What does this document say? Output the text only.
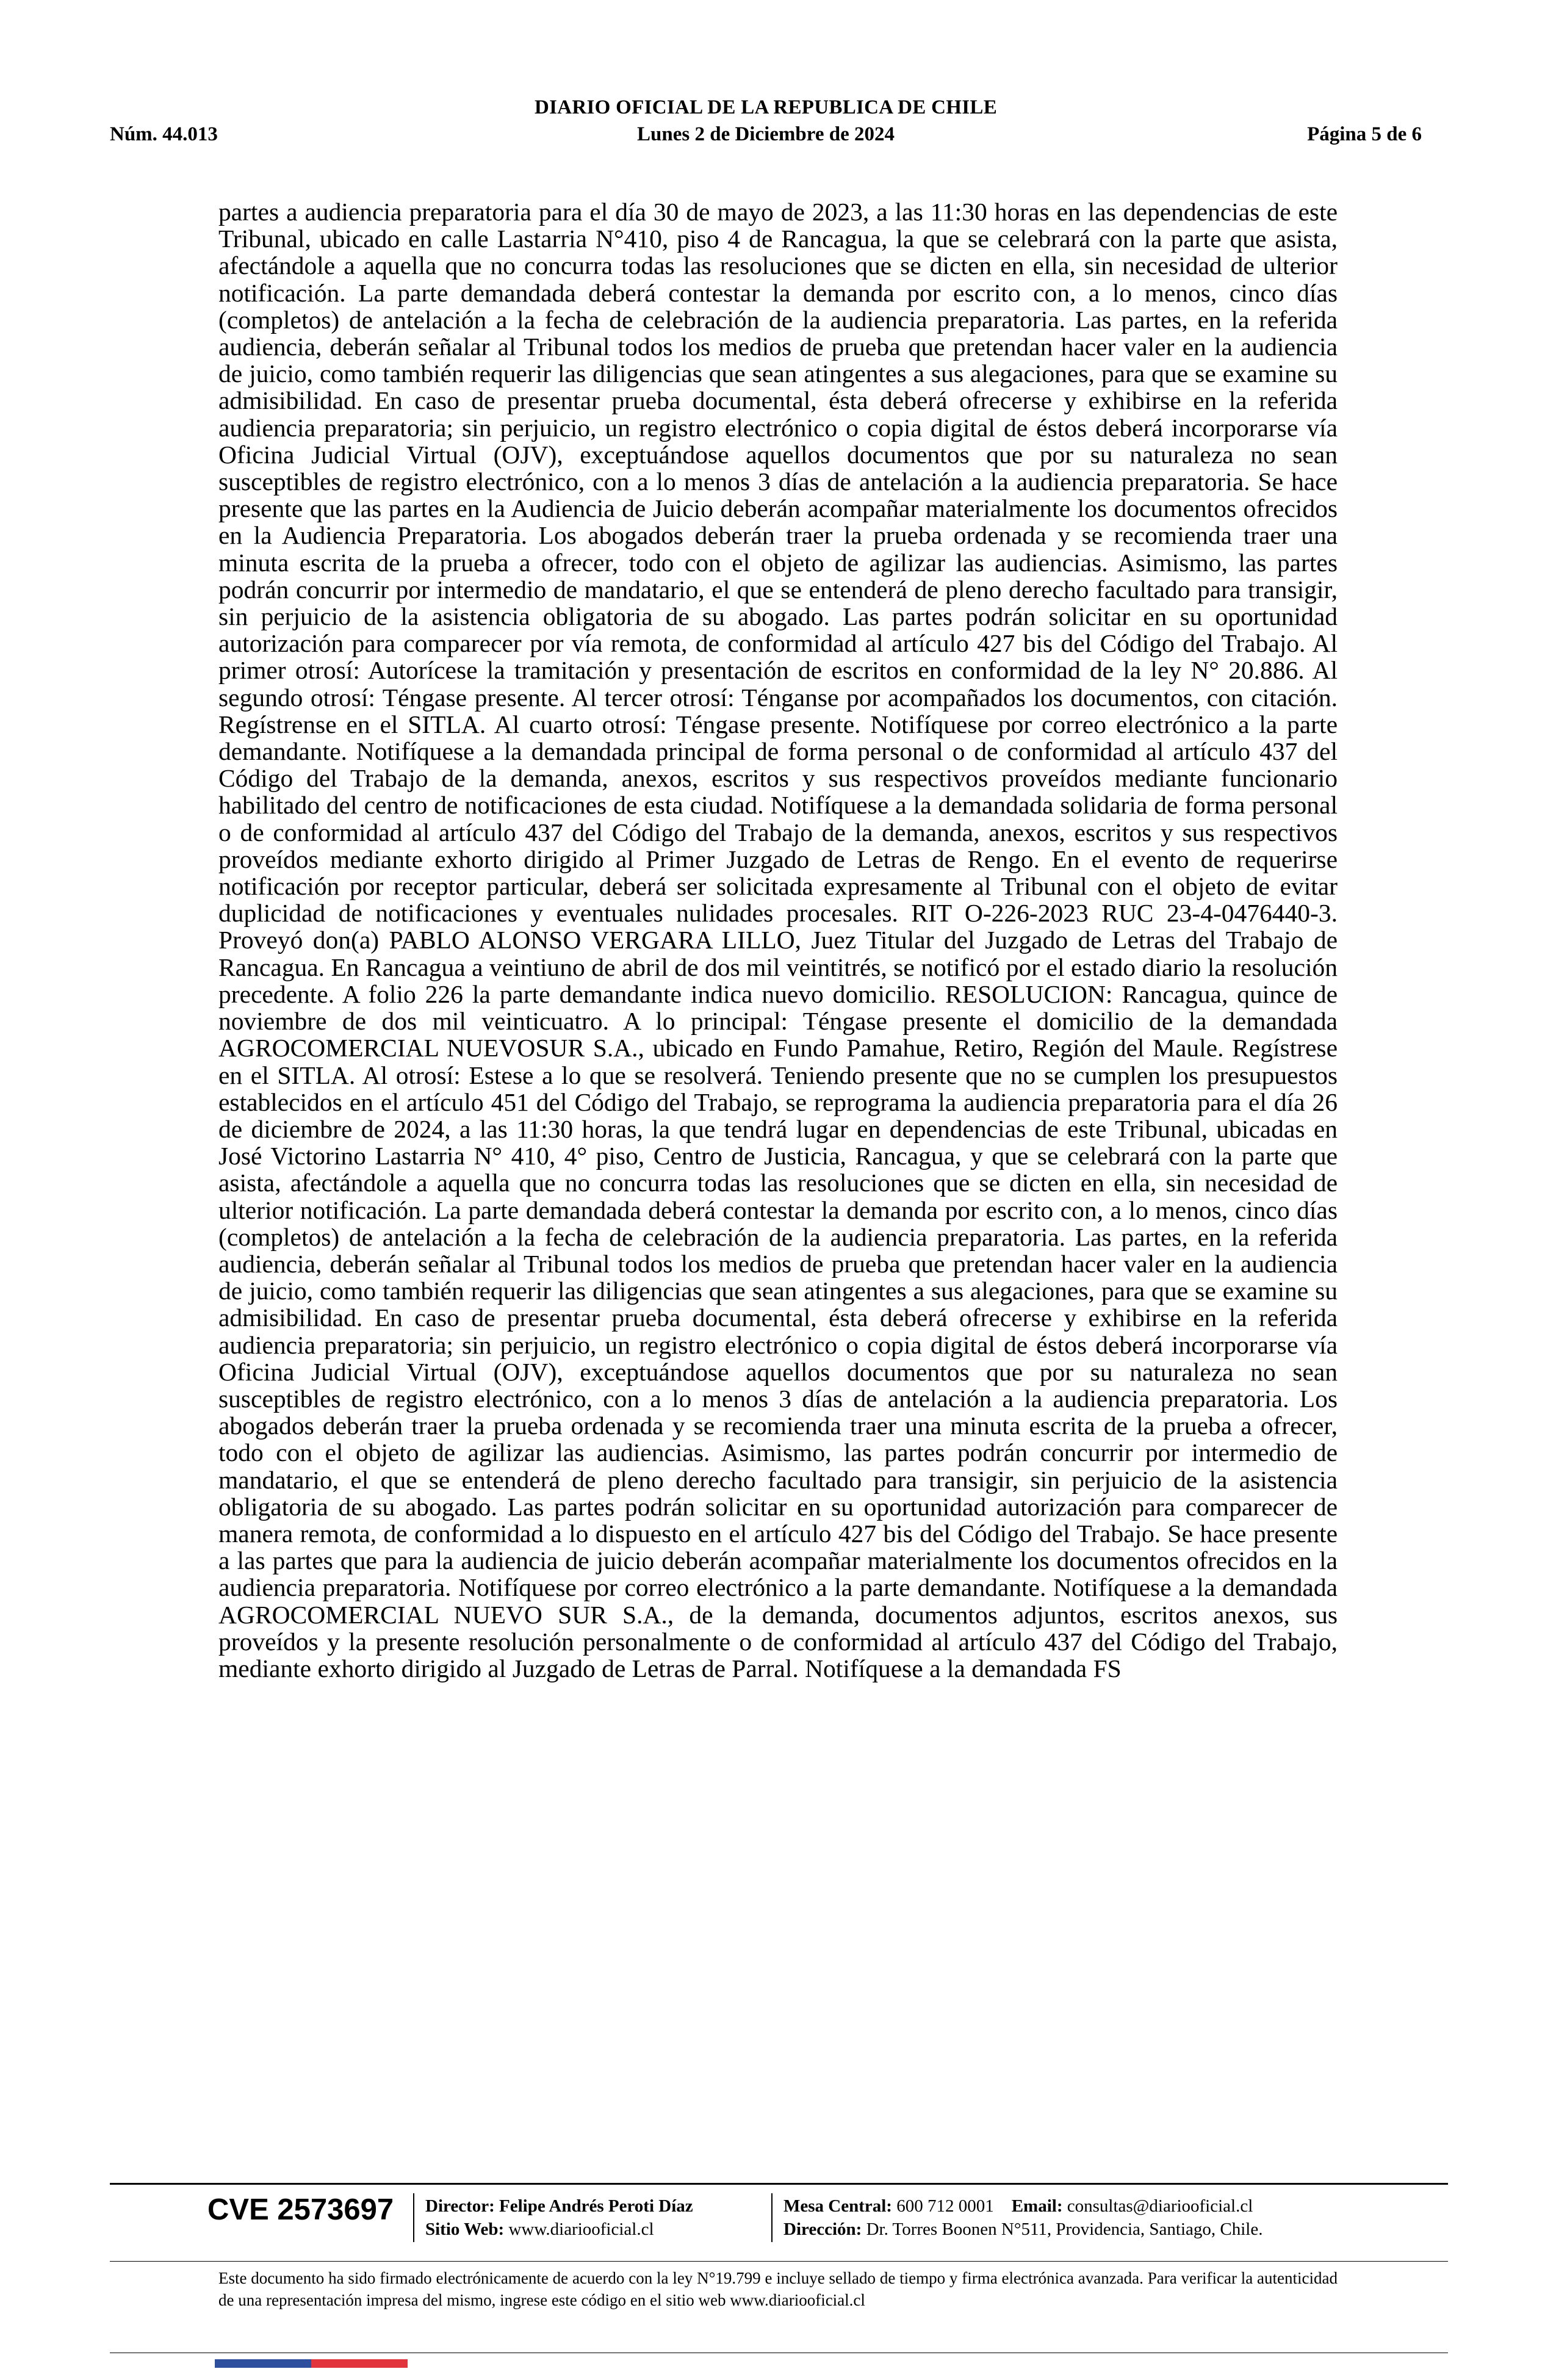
DIARIO OFICIAL DE LA REPUBLICA DE CHILE
Núm. 44.013	Lunes 2 de Diciembre de 2024	Página 5 de 6
partes a audiencia preparatoria para el día 30 de mayo de 2023, a las 11:30 horas en las dependencias de este Tribunal, ubicado en calle Lastarria N°410, piso 4 de Rancagua, la que se celebrará con la parte que asista, afectándole a aquella que no concurra todas las resoluciones que se dicten en ella, sin necesidad de ulterior notificación. La parte demandada deberá contestar la demanda por escrito con, a lo menos, cinco días (completos) de antelación a la fecha de celebración de la audiencia preparatoria. Las partes, en la referida audiencia, deberán señalar al Tribunal todos los medios de prueba que pretendan hacer valer en la audiencia de juicio, como también requerir las diligencias que sean atingentes a sus alegaciones, para que se examine su admisibilidad. En caso de presentar prueba documental, ésta deberá ofrecerse y exhibirse en la referida audiencia preparatoria; sin perjuicio, un registro electrónico o copia digital de éstos deberá incorporarse vía Oficina Judicial Virtual (OJV), exceptuándose aquellos documentos que por su naturaleza no sean susceptibles de registro electrónico, con a lo menos 3 días de antelación a la audiencia preparatoria. Se hace presente que las partes en la Audiencia de Juicio deberán acompañar materialmente los documentos ofrecidos en la Audiencia Preparatoria. Los abogados deberán traer la prueba ordenada y se recomienda traer una minuta escrita de la prueba a ofrecer, todo con el objeto de agilizar las audiencias. Asimismo, las partes podrán concurrir por intermedio de mandatario, el que se entenderá de pleno derecho facultado para transigir, sin perjuicio de la asistencia obligatoria de su abogado. Las partes podrán solicitar en su oportunidad autorización para comparecer por vía remota, de conformidad al artículo 427 bis del Código del Trabajo. Al primer otrosí: Autorícese la tramitación y presentación de escritos en conformidad de la ley N° 20.886. Al segundo otrosí: Téngase presente. Al tercer otrosí: Ténganse por acompañados los documentos, con citación. Regístrense en el SITLA. Al cuarto otrosí: Téngase presente. Notifíquese por correo electrónico a la parte demandante. Notifíquese a la demandada principal de forma personal o de conformidad al artículo 437 del Código del Trabajo de la demanda, anexos, escritos y sus respectivos proveídos mediante funcionario habilitado del centro de notificaciones de esta ciudad. Notifíquese a la demandada solidaria de forma personal o de conformidad al artículo 437 del Código del Trabajo de la demanda, anexos, escritos y sus respectivos proveídos mediante exhorto dirigido al Primer Juzgado de Letras de Rengo. En el evento de requerirse notificación por receptor particular, deberá ser solicitada expresamente al Tribunal con el objeto de evitar duplicidad de notificaciones y eventuales nulidades procesales. RIT O-226-2023 RUC 23-4-0476440-3. Proveyó don(a) PABLO ALONSO VERGARA LILLO, Juez Titular del Juzgado de Letras del Trabajo de Rancagua. En Rancagua a veintiuno de abril de dos mil veintitrés, se notificó por el estado diario la resolución precedente. A folio 226 la parte demandante indica nuevo domicilio. RESOLUCION: Rancagua, quince de noviembre de dos mil veinticuatro. A lo principal: Téngase presente el domicilio de la demandada AGROCOMERCIAL NUEVOSUR S.A., ubicado en Fundo Pamahue, Retiro, Región del Maule. Regístrese en el SITLA. Al otrosí: Estese a lo que se resolverá. Teniendo presente que no se cumplen los presupuestos establecidos en el artículo 451 del Código del Trabajo, se reprograma la audiencia preparatoria para el día 26 de diciembre de 2024, a las 11:30 horas, la que tendrá lugar en dependencias de este Tribunal, ubicadas en José Victorino Lastarria N° 410, 4° piso, Centro de Justicia, Rancagua, y que se celebrará con la parte que asista, afectándole a aquella que no concurra todas las resoluciones que se dicten en ella, sin necesidad de ulterior notificación. La parte demandada deberá contestar la demanda por escrito con, a lo menos, cinco días (completos) de antelación a la fecha de celebración de la audiencia preparatoria. Las partes, en la referida audiencia, deberán señalar al Tribunal todos los medios de prueba que pretendan hacer valer en la audiencia de juicio, como también requerir las diligencias que sean atingentes a sus alegaciones, para que se examine su admisibilidad. En caso de presentar prueba documental, ésta deberá ofrecerse y exhibirse en la referida audiencia preparatoria; sin perjuicio, un registro electrónico o copia digital de éstos deberá incorporarse vía Oficina Judicial Virtual (OJV), exceptuándose aquellos documentos que por su naturaleza no sean susceptibles de registro electrónico, con a lo menos 3 días de antelación a la audiencia preparatoria. Los abogados deberán traer la prueba ordenada y se recomienda traer una minuta escrita de la prueba a ofrecer, todo con el objeto de agilizar las audiencias. Asimismo, las partes podrán concurrir por intermedio de mandatario, el que se entenderá de pleno derecho facultado para transigir, sin perjuicio de la asistencia obligatoria de su abogado. Las partes podrán solicitar en su oportunidad autorización para comparecer de manera remota, de conformidad a lo dispuesto en el artículo 427 bis del Código del Trabajo. Se hace presente a las partes que para la audiencia de juicio deberán acompañar materialmente los documentos ofrecidos en la audiencia preparatoria. Notifíquese por correo electrónico a la parte demandante. Notifíquese a la demandada AGROCOMERCIAL NUEVO SUR S.A., de la demanda, documentos adjuntos, escritos anexos, sus proveídos y la presente resolución personalmente o de conformidad al artículo 437 del Código del Trabajo, mediante exhorto dirigido al Juzgado de Letras de Parral. Notifíquese a la demandada FS
CVE 2573697 Director: Felipe Andrés Peroti Díaz
Sitio Web: www.diariooficial.cl
Mesa Central: 600 712 0001 Email: consultas@diariooficial.cl
Dirección: Dr. Torres Boonen N°511, Providencia, Santiago, Chile.
Este documento ha sido firmado electrónicamente de acuerdo con la ley N°19.799 e incluye sellado de tiempo y firma electrónica avanzada. Para verificar la autenticidad de una representación impresa del mismo, ingrese este código en el sitio web www.diariooficial.cl
